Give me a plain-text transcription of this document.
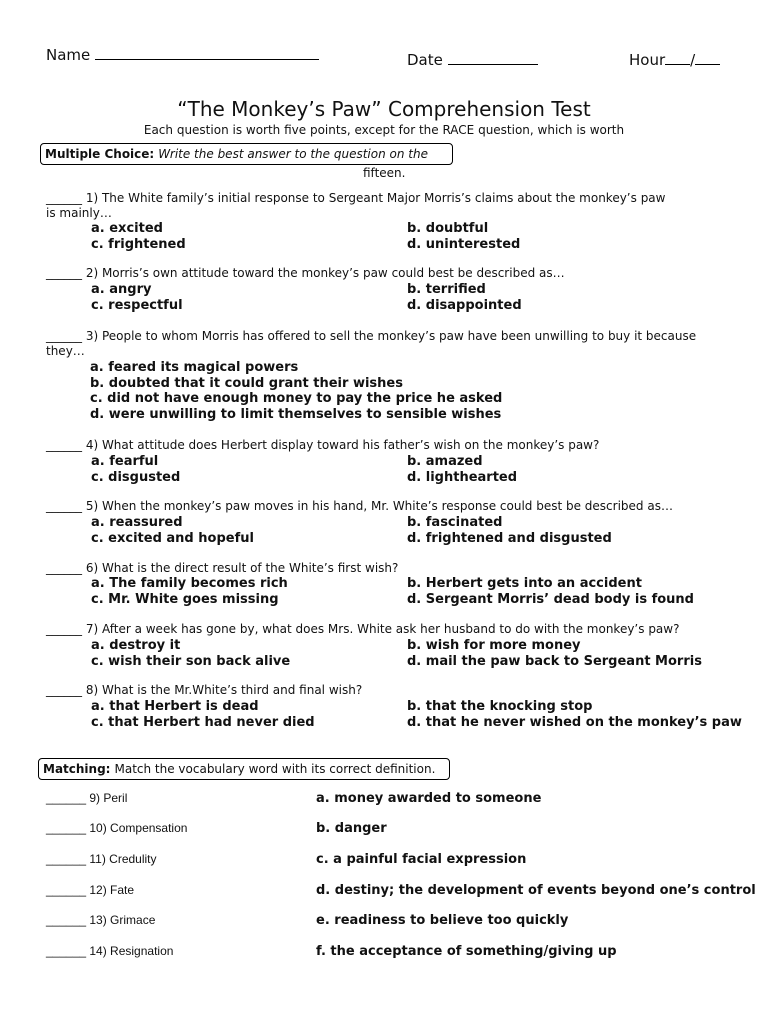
Name	Date	Hour /
“The Monkey’s Paw” Comprehension Test
Each question is worth five points, except for the RACE question, which is worth
Multiple Choice: Write the best answer to the question on the
fifteen.
______ 1) The White family’s initial response to Sergeant Major Morris’s claims about the monkey’s paw
is mainly…
a. excited	b. doubtful
c. frightened	d. uninterested
______ 2) Morris’s own attitude toward the monkey’s paw could best be described as…
a. angry	b. terrified
c. respectful	d. disappointed
______ 3) People to whom Morris has offered to sell the monkey’s paw have been unwilling to buy it because
they…
a. feared its magical powers
b. doubted that it could grant their wishes
c. did not have enough money to pay the price he asked
d. were unwilling to limit themselves to sensible wishes
______ 4) What attitude does Herbert display toward his father’s wish on the monkey’s paw?
a. fearful	b. amazed
c. disgusted	d. lighthearted
______ 5) When the monkey’s paw moves in his hand, Mr. White’s response could best be described as…
a. reassured	b. fascinated
c. excited and hopeful	d. frightened and disgusted
______ 6) What is the direct result of the White’s first wish?
a. The family becomes rich	b. Herbert gets into an accident
c. Mr. White goes missing	d. Sergeant Morris’ dead body is found
______ 7) After a week has gone by, what does Mrs. White ask her husband to do with the monkey’s paw?
a. destroy it	b. wish for more money
c. wish their son back alive	d. mail the paw back to Sergeant Morris
______ 8) What is the Mr.White’s third and final wish?
a. that Herbert is dead	b. that the knocking stop
c. that Herbert had never died	d. that he never wished on the monkey’s paw
Matching: Match the vocabulary word with its correct definition.
______ 9) Peril	a. money awarded to someone
______ 10) Compensation	b. danger
______ 11) Credulity	c. a painful facial expression
______ 12) Fate	d. destiny; the development of events beyond one’s control
______ 13) Grimace	e. readiness to believe too quickly
______ 14) Resignation	f. the acceptance of something/giving up
